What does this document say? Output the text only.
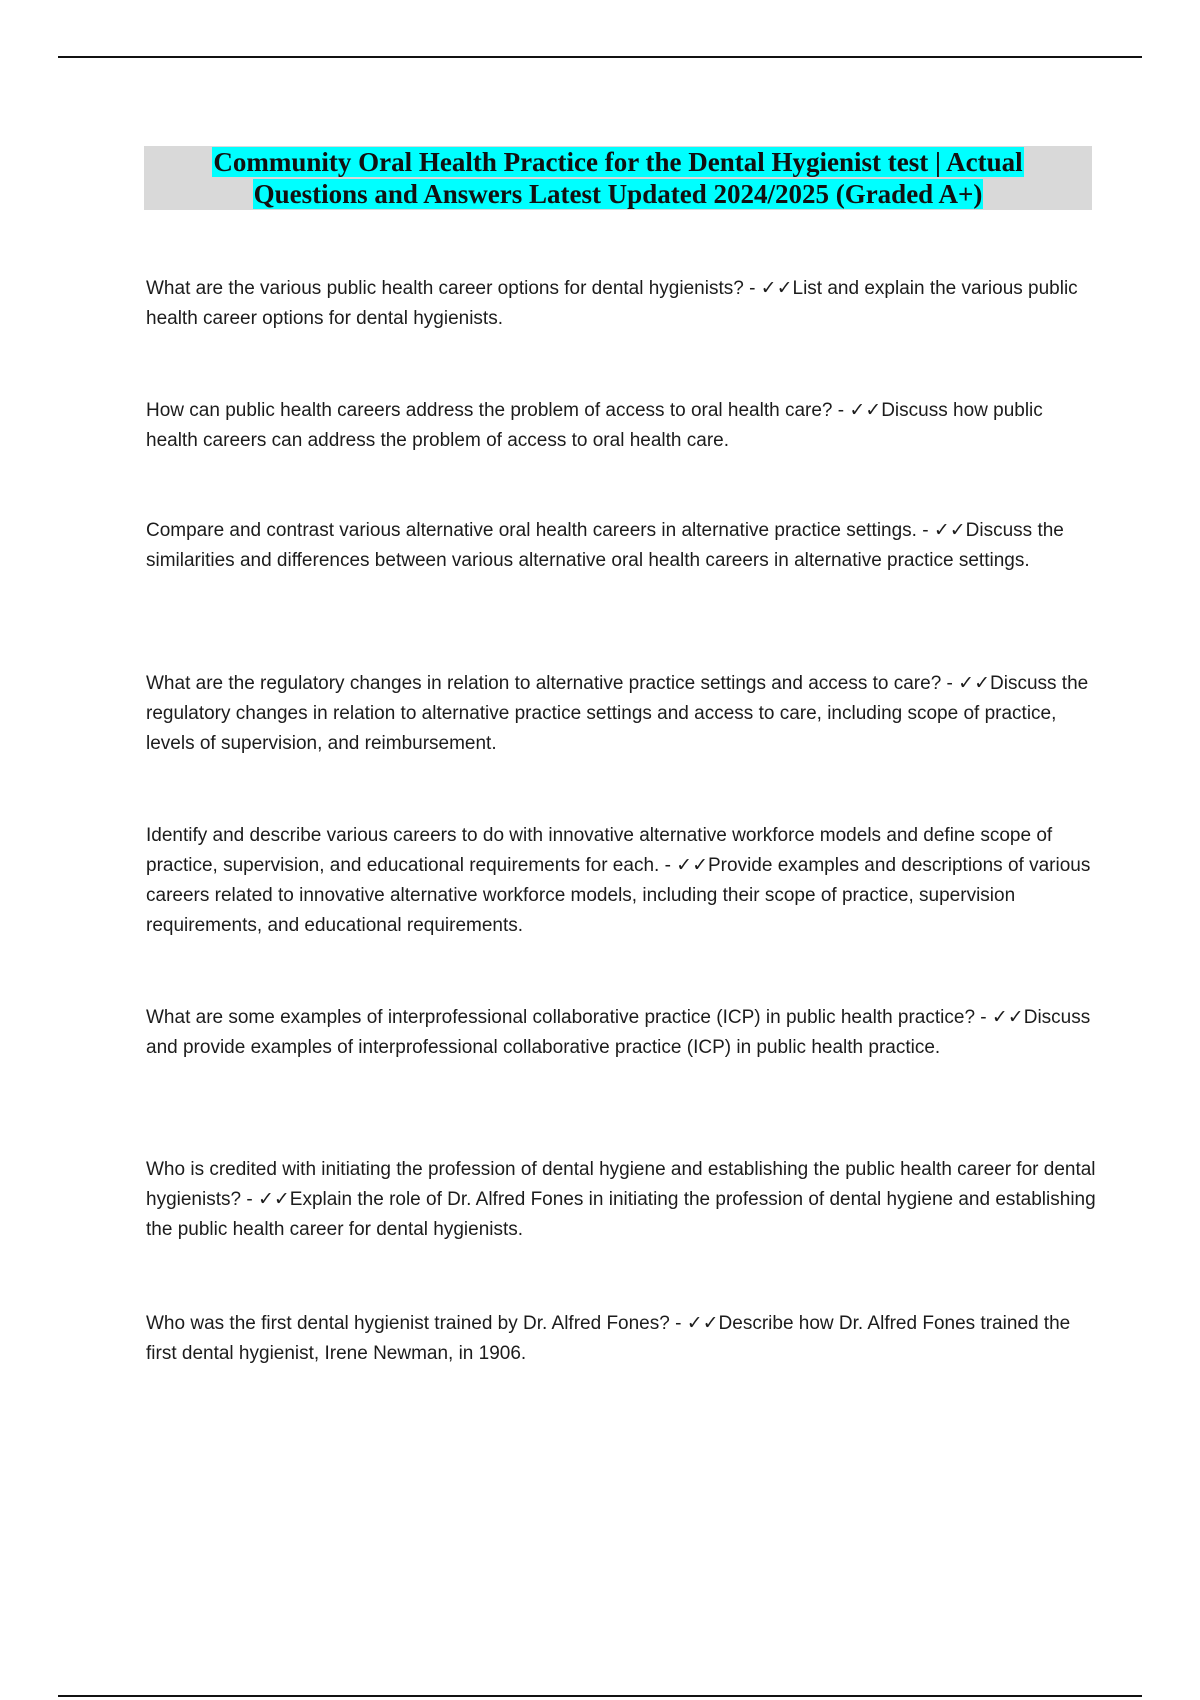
Community Oral Health Practice for the Dental Hygienist test | Actual
Questions and Answers Latest Updated 2024/2025 (Graded A+)
What are the various public health career options for dental hygienists? - ✓✓List and explain the various public health career options for dental hygienists.
How can public health careers address the problem of access to oral health care? - ✓✓Discuss how public health careers can address the problem of access to oral health care.
Compare and contrast various alternative oral health careers in alternative practice settings. - ✓✓Discuss the similarities and differences between various alternative oral health careers in alternative practice settings.
What are the regulatory changes in relation to alternative practice settings and access to care? - ✓✓Discuss the regulatory changes in relation to alternative practice settings and access to care, including scope of practice, levels of supervision, and reimbursement.
Identify and describe various careers to do with innovative alternative workforce models and define scope of practice, supervision, and educational requirements for each. - ✓✓Provide examples and descriptions of various careers related to innovative alternative workforce models, including their scope of practice, supervision requirements, and educational requirements.
What are some examples of interprofessional collaborative practice (ICP) in public health practice? - ✓✓Discuss and provide examples of interprofessional collaborative practice (ICP) in public health practice.
Who is credited with initiating the profession of dental hygiene and establishing the public health career for dental hygienists? - ✓✓Explain the role of Dr. Alfred Fones in initiating the profession of dental hygiene and establishing the public health career for dental hygienists.
Who was the first dental hygienist trained by Dr. Alfred Fones? - ✓✓Describe how Dr. Alfred Fones trained the first dental hygienist, Irene Newman, in 1906.
